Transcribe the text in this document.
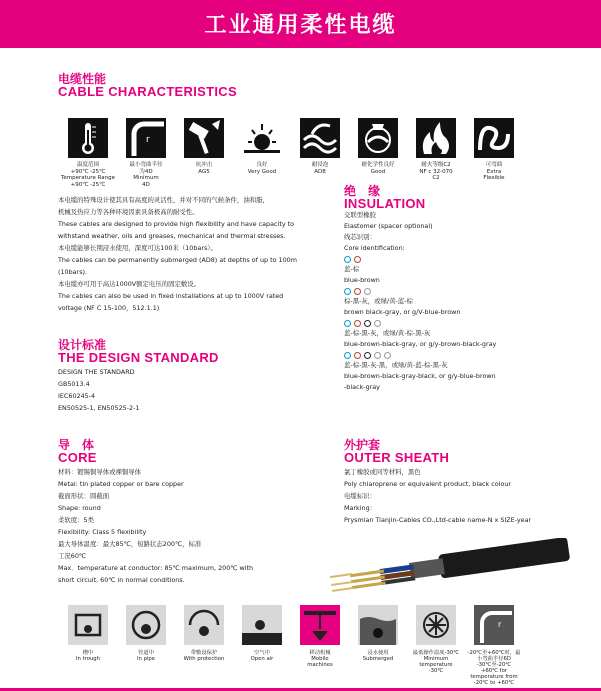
工业通用柔性电缆
电缆性能
CABLE CHARACTERISTICS
r
温度范围
+90℃ -25℃
Temperature Range
+90℃ -25℃
最小弯曲半径
为4D
Minimum
4D
抗冲击
AG5
良好
Very Good
耐浸泡
AD8
耐化学性良好
Good
耐火等级C2
NF c 32-070
C2
可弯曲
Extra
Flexible

本电缆的特殊设计使其具有高度的灵活性，并对不同的气候条件，油和脂，

机械及热应力等各种环境因素具备极高的耐受性。

These cables are designed to provide high flexibility and have capacity to

withstand weather, oils and greases, mechanical and thermal stresses.

本电缆能够长期浸水使用，深度可达100米（10bars）。

The cables can be permanently submerged (AD8) at depths of up to 100m

(10bars).

本电缆亦可用于高达1000V额定电压的固定敷设。

The cables can also be used in fixed installations at up to 1000V rated

voltage (NF C 15-100，512.1.1)

绝　缘
INSULATION

交联型橡胶

Elastomer (spacer optional)

线芯识别：

Core identification:

蓝-棕

blue-brown

棕-黑-灰，或绿/黄-蓝-棕

brown black-gray, or g/V-blue-brown

蓝-棕-黑-灰，或绿/黄-棕-黑-灰

blue-brown-black-gray, or g/y-brown-black-gray

蓝-棕-黑-灰-黑，或绿/黄-蓝-棕-黑-灰

blue-brown-black-gray-black, or g/y-blue-brown

-black-gray

设计标准
THE DESIGN STANDARD

DESIGN THE STANDARD

GB5013.4

IEC60245-4

EN50525-1, EN50525-2-1

导　体
CORE

材料：镀锡铜导体或裸铜导体

Metal: tin plated copper or bare copper

截面形状：圆截面

Shape: round

柔软度：5类

Flexibility: Class 5 flexibility

最大导体温度：最大85℃，短路状态200℃，标准

工况60℃

Max．temperature at conductor: 85℃ maximum, 200℃ with

short circuit, 60℃ in normal conditions.

外护套
OUTER SHEATH

氯丁橡胶或同等材料，黑色

Poly chlaroprene or equivalent product, black colour

电缆标识：

Marking：

Prysmian Tianjin-Cables CO.,Ltd-cable name-N x SIZE-year

r
槽中
In trough
管道中
In pipe
带敷设保护
With protection
空气中
Open air
移动机械
Mobile
machines
浸水使用
Submerged
最低操作温度-30℃
Minimum
temperature
-30℃
-20℃至+60℃时，最
小弯曲半径6D
-30℃至-20℃
+60℃ for temperature from
-20℃ to +60℃
